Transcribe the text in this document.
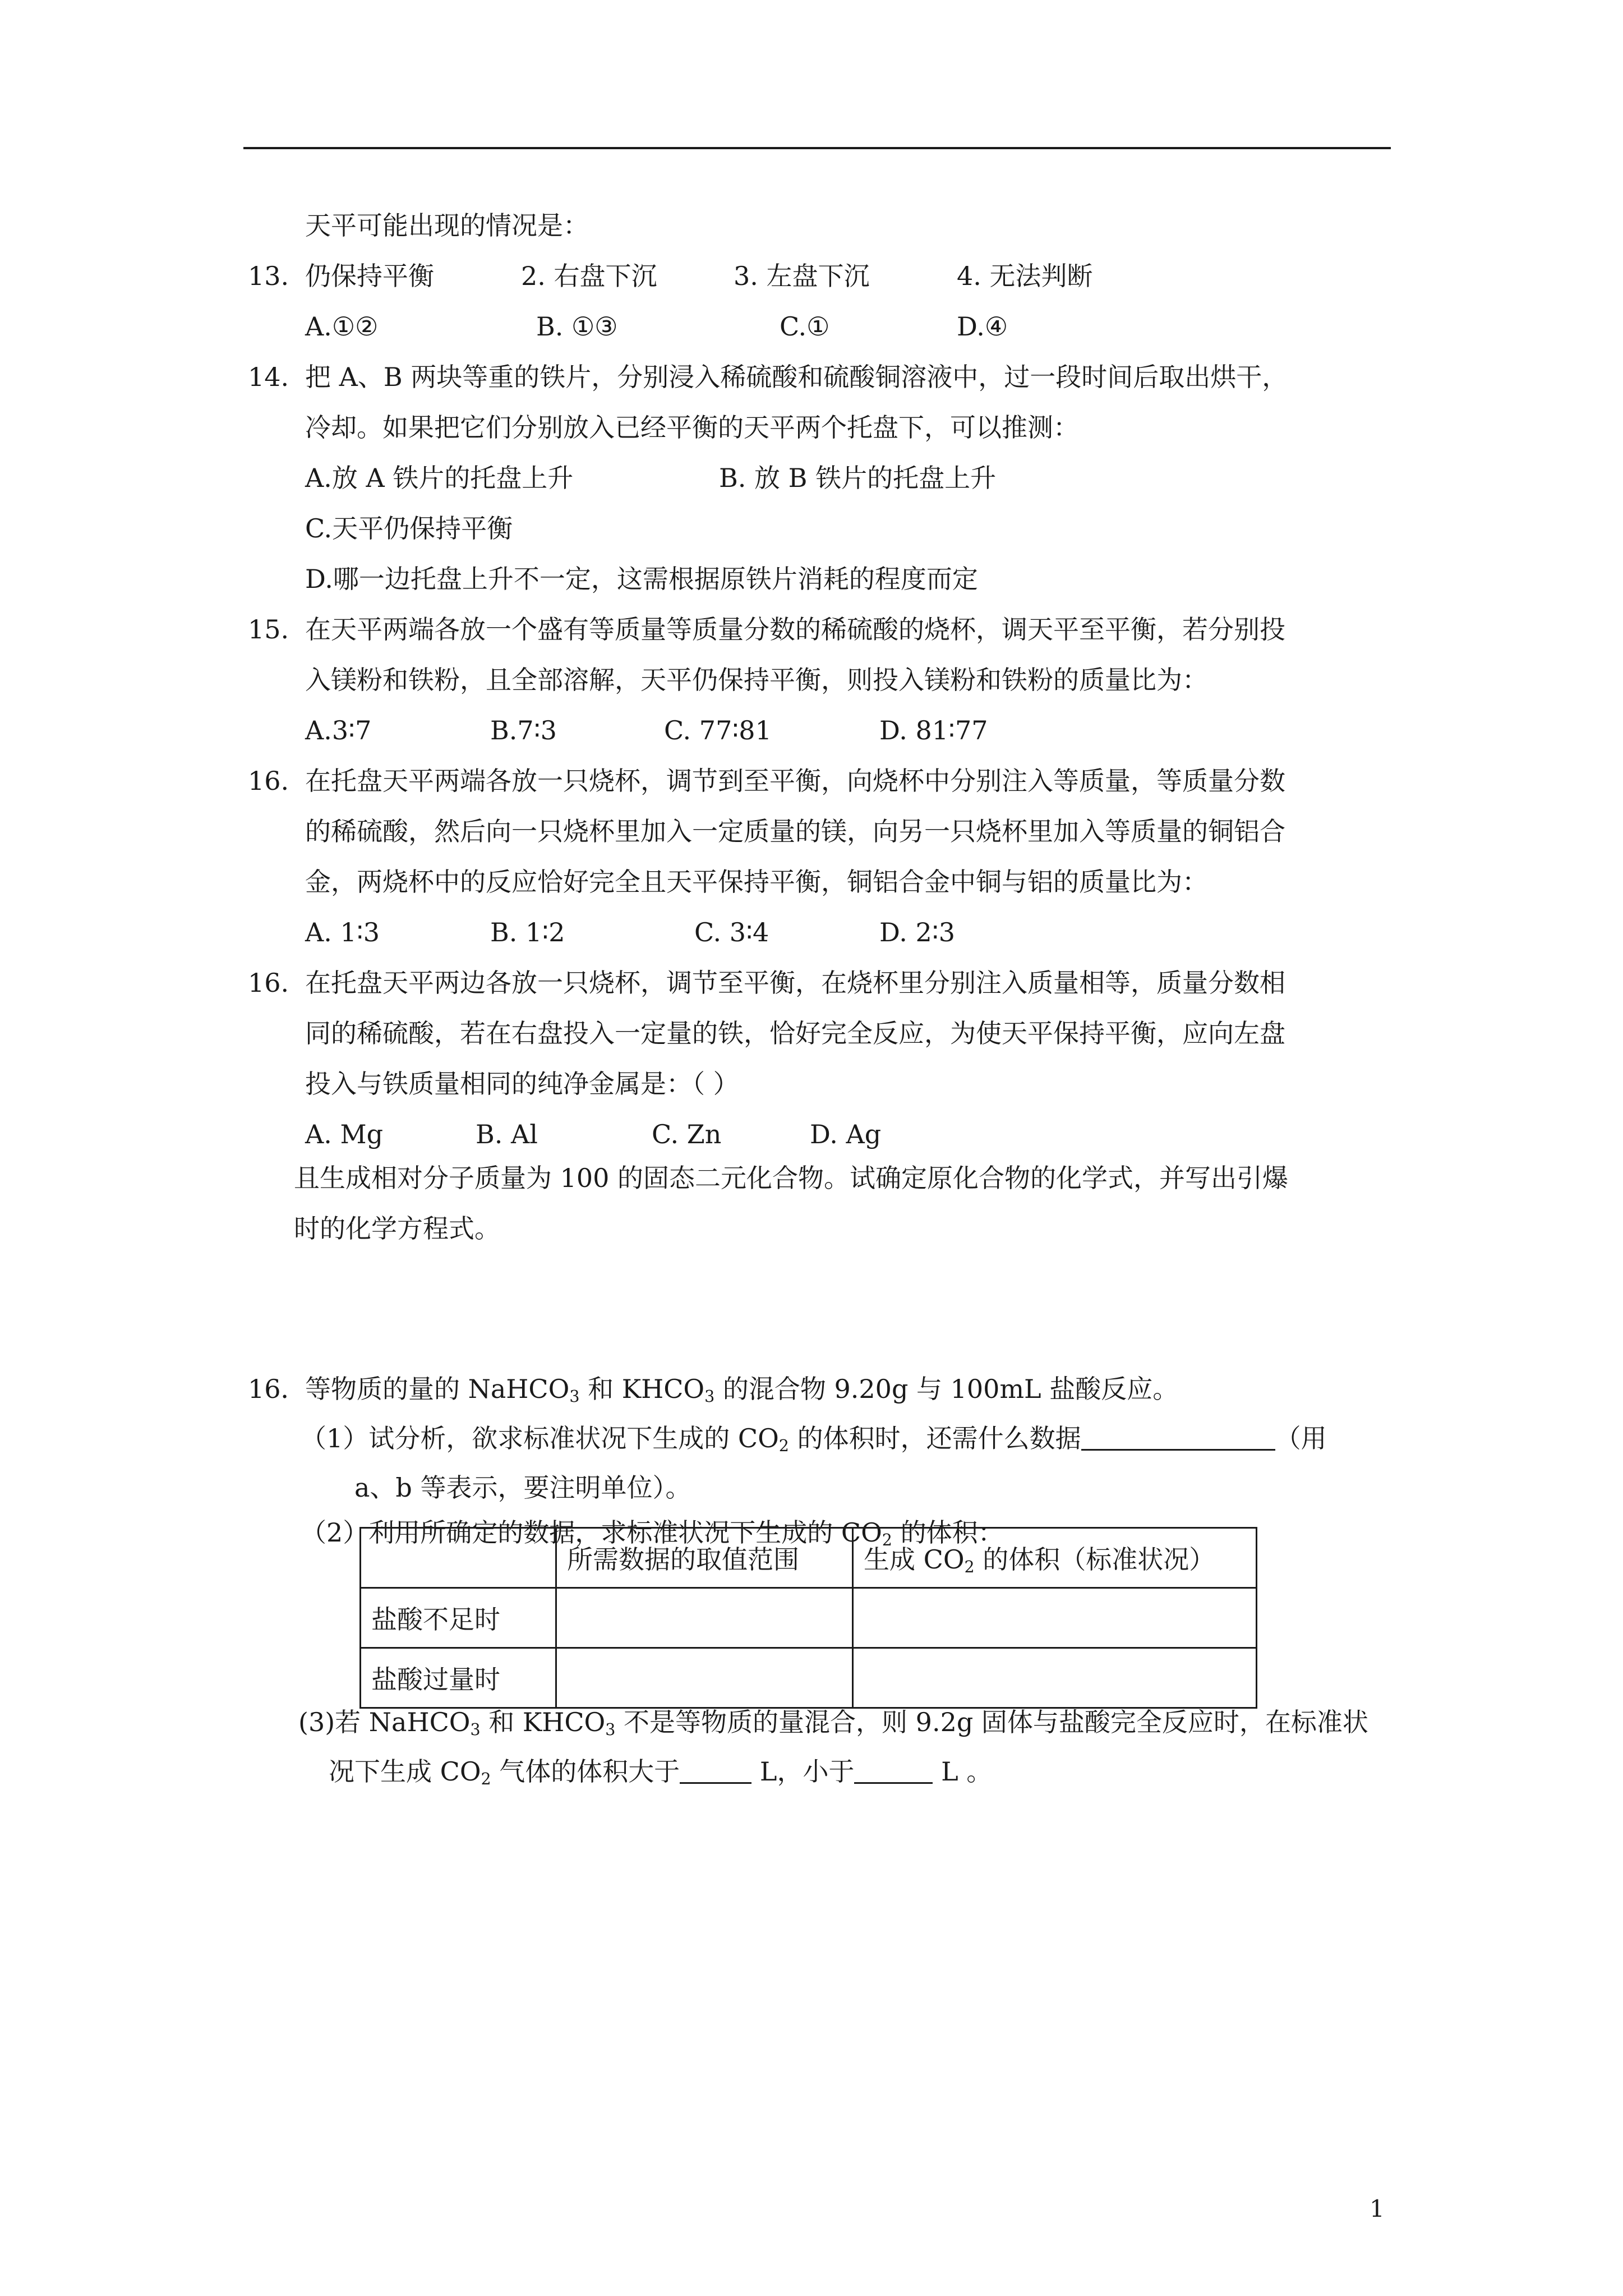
天平可能出现的情况是：
13. 仍保持平衡	2. 右盘下沉	3. 左盘下沉	4. 无法判断
A.①②	B. ①③	C.①	D.④
14. 把 A、B 两块等重的铁片，分别浸入稀硫酸和硫酸铜溶液中，过一段时间后取出烘干，
冷却。如果把它们分别放入已经平衡的天平两个托盘下，可以推测：
A.放 A 铁片的托盘上升	B. 放 B 铁片的托盘上升
C.天平仍保持平衡
D.哪一边托盘上升不一定，这需根据原铁片消耗的程度而定
15. 在天平两端各放一个盛有等质量等质量分数的稀硫酸的烧杯，调天平至平衡，若分别投
入镁粉和铁粉，且全部溶解，天平仍保持平衡，则投入镁粉和铁粉的质量比为：
A.3∶7	B.7∶3	C. 77∶81	D. 81∶77
16. 在托盘天平两端各放一只烧杯，调节到至平衡，向烧杯中分别注入等质量，等质量分数
的稀硫酸，然后向一只烧杯里加入一定质量的镁，向另一只烧杯里加入等质量的铜铝合
金，两烧杯中的反应恰好完全且天平保持平衡，铜铝合金中铜与铝的质量比为：
A. 1∶3	B. 1∶2	C. 3∶4	D. 2∶3
16. 在托盘天平两边各放一只烧杯，调节至平衡，在烧杯里分别注入质量相等，质量分数相
同的稀硫酸，若在右盘投入一定量的铁，恰好完全反应，为使天平保持平衡，应向左盘
投入与铁质量相同的纯净金属是：（ ）
A. Mg	B. Al	C. Zn	D. Ag
且生成相对分子质量为 100 的固态二元化合物。试确定原化合物的化学式，并写出引爆
时的化学方程式。
16．
等物质的量的 NaHCO$_3$ 和 $KHCO_3$ 的混合物 9.20g 与 100mL 盐酸反应。
（1）试分析，欲求标准状况下生成的 $CO_2$ 的体积时，还需什么数据	（用
a、b 等表示，要注明单位）。
（2）利用所确定的数据，求标准状况下生成的 $CO_2$ 的体积：
	所需数据的取值范围	生成 $CO_2$ 的体积（标准状况）
盐酸不足时		
盐酸过量时		
(3)若 NaHCO$_3$ 和 $KHCO_3$ 不是等物质的量混合，则 9.2g 固体与盐酸完全反应时，在标准状
况下生成 $CO_2$ 气体的体积大于	L，小于	L 。
1
